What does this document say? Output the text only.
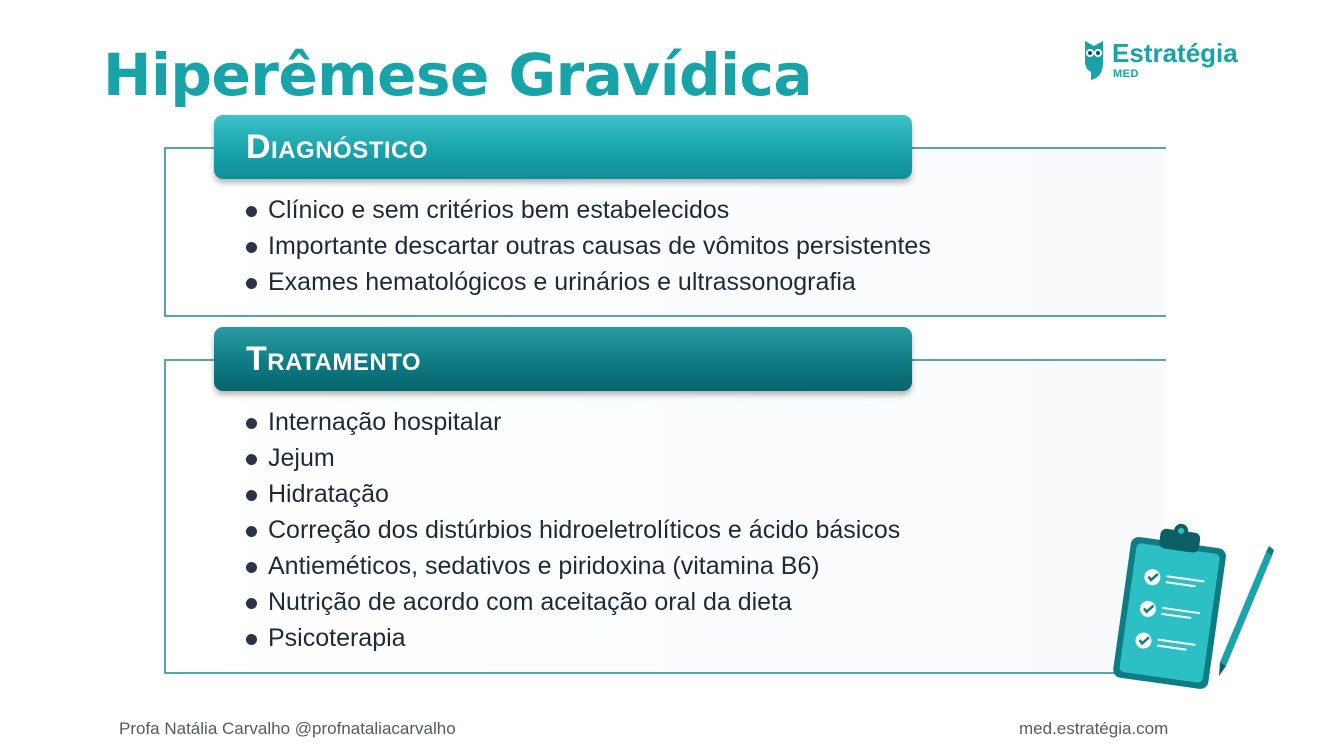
Hiperêmese Gravídica	Estratégia
MED
Diagnóstico
Clínico e sem critérios bem estabelecidos
Importante descartar outras causas de vômitos persistentes
Exames hematológicos e urinários e ultrassonografia
Tratamento
Internação hospitalar
Jejum
Hidratação
Correção dos distúrbios hidroeletrolíticos e ácido básicos
Antieméticos, sedativos e piridoxina (vitamina B6)
Nutrição de acordo com aceitação oral da dieta
Psicoterapia
Profa Natália Carvalho @profnataliacarvalho	med.estratégia.com
